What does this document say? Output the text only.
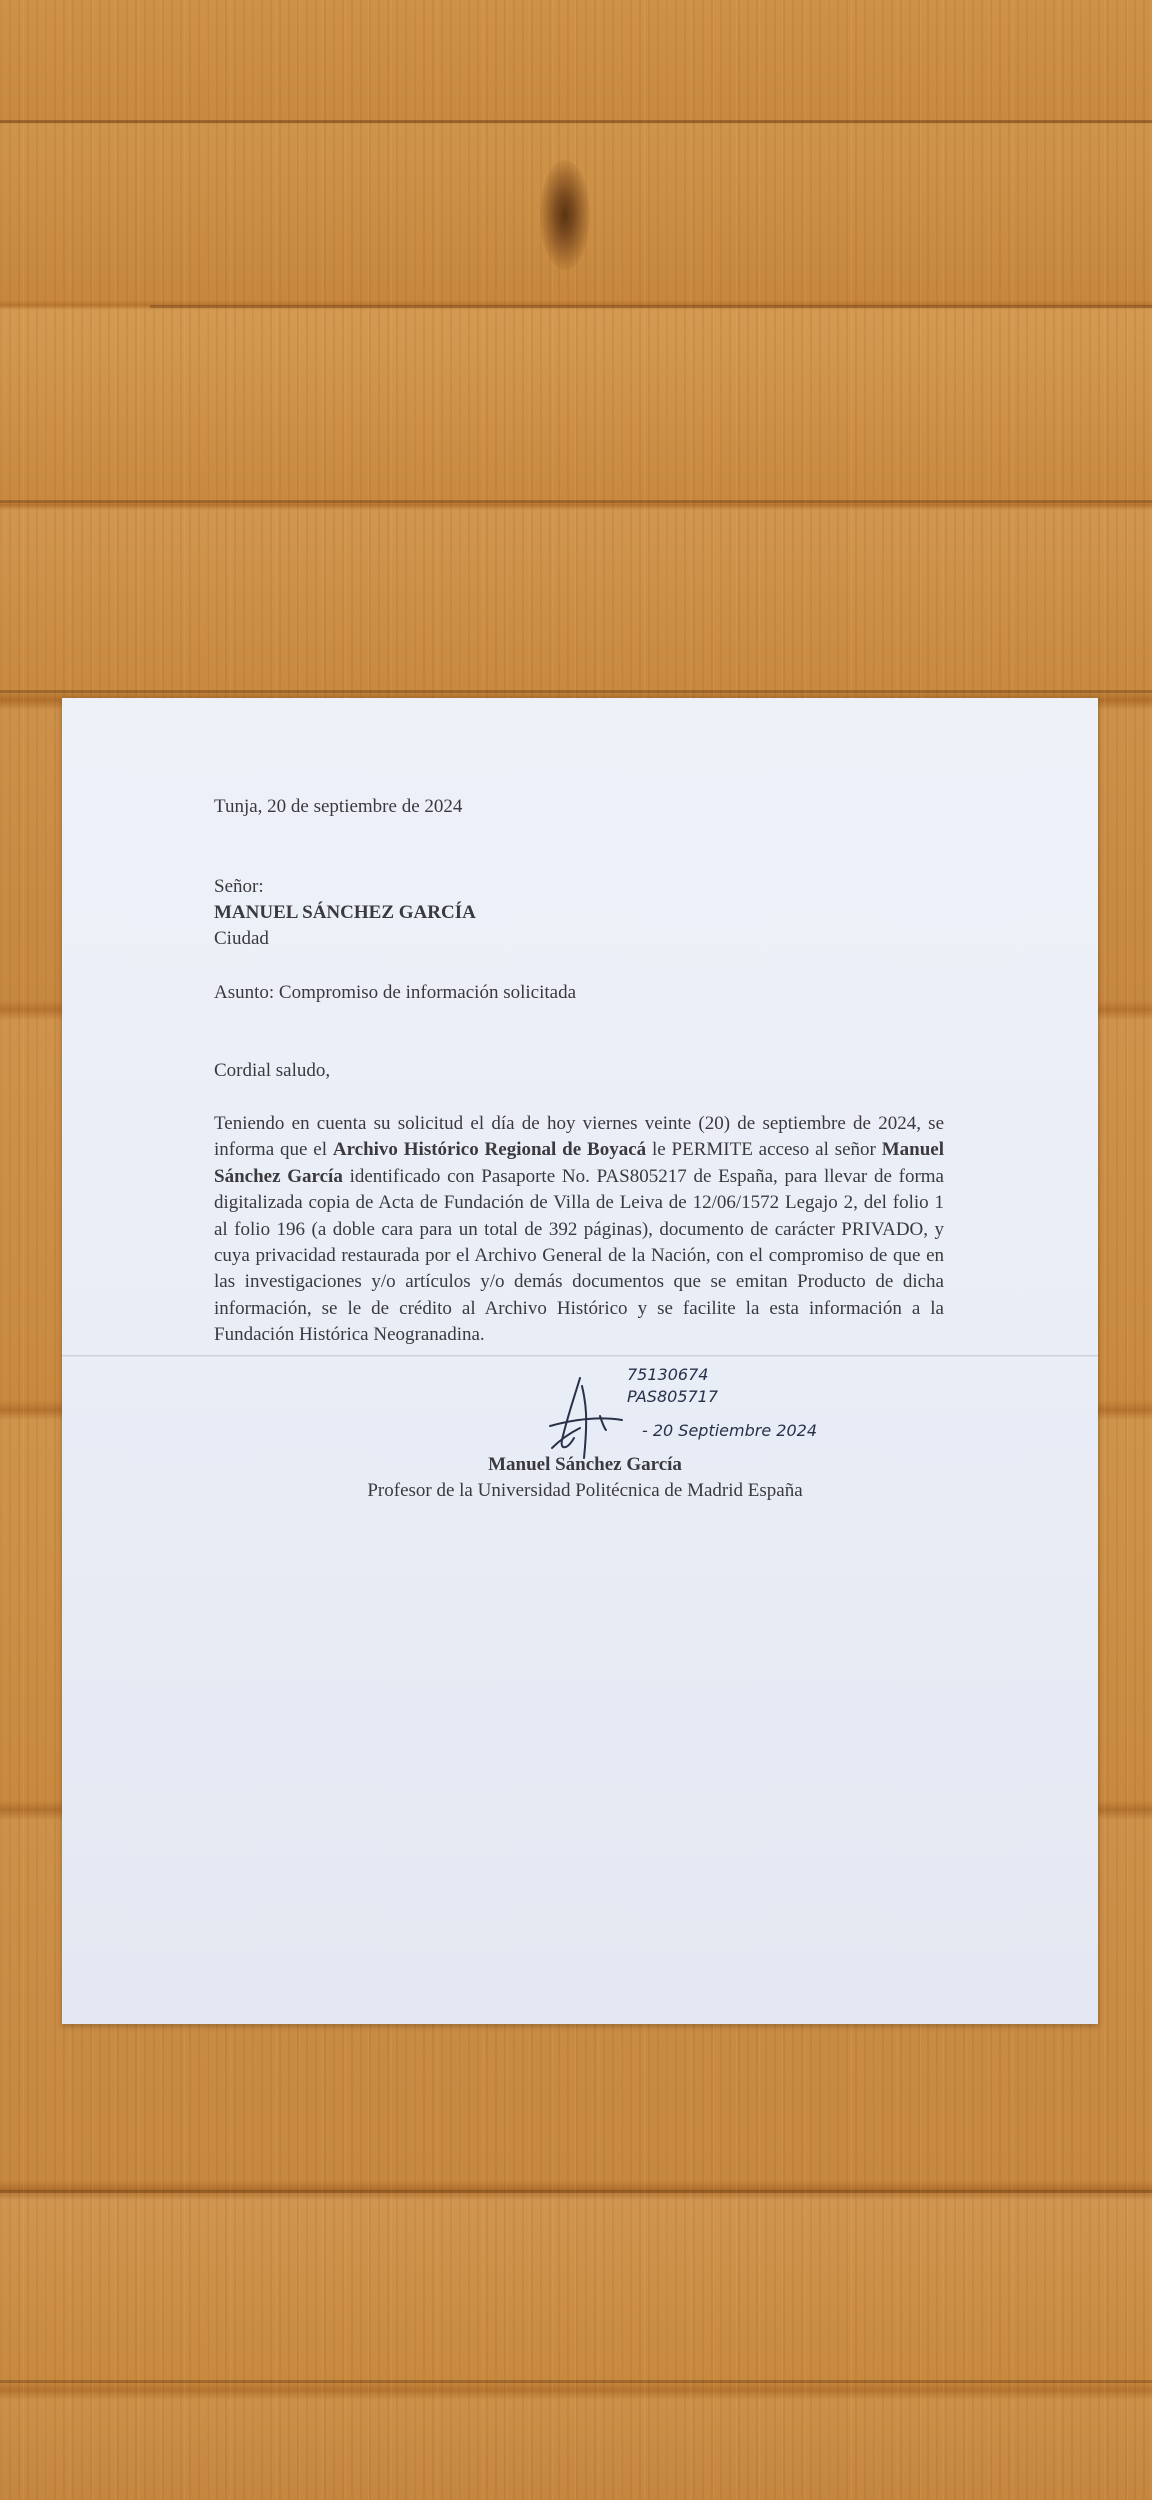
Tunja, 20 de septiembre de 2024
Señor:
MANUEL SÁNCHEZ GARCÍA
Ciudad
Asunto: Compromiso de información solicitada
Cordial saludo,
Teniendo en cuenta su solicitud el día de hoy viernes veinte (20) de septiembre de 2024, se informa que el Archivo Histórico Regional de Boyacá le PERMITE acceso al señor Manuel Sánchez García identificado con Pasaporte No. PAS805217 de España, para llevar de forma digitalizada copia de Acta de Fundación de Villa de Leiva de 12/06/1572 Legajo 2, del folio 1 al folio 196 (a doble cara para un total de 392 páginas), documento de carácter PRIVADO, y cuya privacidad restaurada por el Archivo General de la Nación, con el compromiso de que en las investigaciones y/o artículos y/o demás documentos que se emitan Producto de dicha información, se le de crédito al Archivo Histórico y se facilite la esta información a la Fundación Histórica Neogranadina.
75130674
PAS805717
- 20 Septiembre 2024
Manuel Sánchez García
Profesor de la Universidad Politécnica de Madrid España
